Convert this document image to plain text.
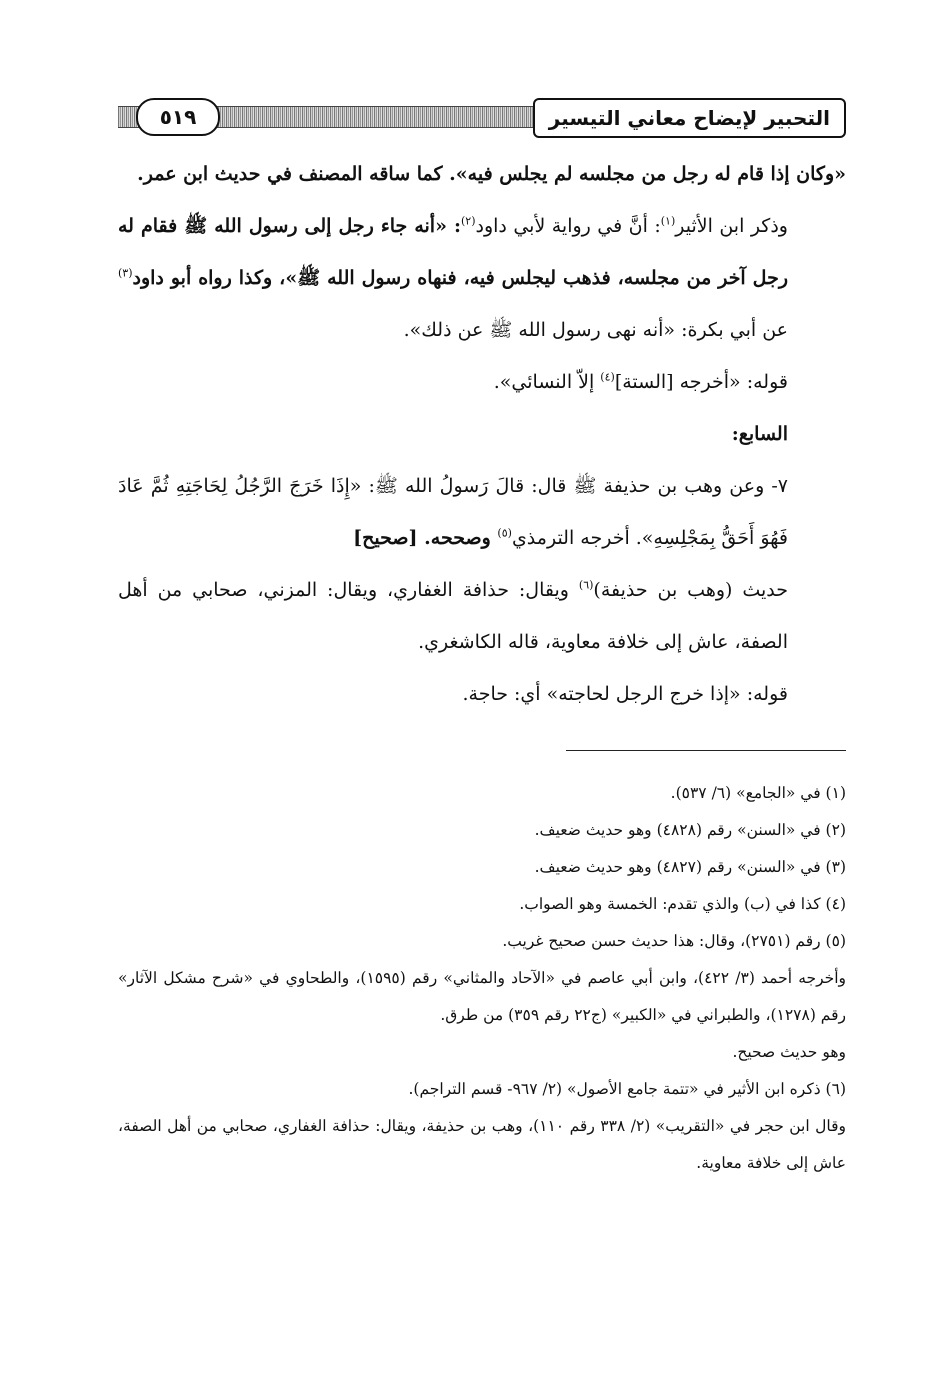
التحبير لإيضاح معاني التيسير
٥١٩

«وكان إذا قام له رجل من مجلسه لم يجلس فيه». كما ساقه المصنف في حديث ابن عمر.

وذكر ابن الأثير$^{(١)}$: أنَّ في رواية لأبي داود$^{(٢)}$: «أنه جاء رجل إلى رسول الله ﷺ فقام له رجل آخر من مجلسه، فذهب ليجلس فيه، فنهاه رسول الله ﷺ»، وكذا رواه أبو داود$^{(٣)}$ عن أبي بكرة: «أنه نهى رسول الله ﷺ عن ذلك».

قوله: «أخرجه [الستة]$^{(٤)}$ إلاّ النسائي».

السابع:

٧- وعن وهب بن حذيفة ﷺ قال: قالَ رَسولُ الله ﷺ: «إِذَا خَرَجَ الرَّجُلُ لِحَاجَتِهِ ثُمَّ عَادَ فَهُوَ أَحَقُّ بِمَجْلِسِهِ». أخرجه الترمذي$^{(٥)}$ وصححه. [صحيح]

حديث (وهب بن حذيفة)$^{(٦)}$ ويقال: حذافة الغفاري، ويقال: المزني، صحابي من أهل الصفة، عاش إلى خلافة معاوية، قاله الكاشغري.

قوله: «إذا خرج الرجل لحاجته» أي: حاجة.

(١) في «الجامع» (٦/ ٥٣٧).

(٢) في «السنن» رقم (٤٨٢٨) وهو حديث ضعيف.

(٣) في «السنن» رقم (٤٨٢٧) وهو حديث ضعيف.

(٤) كذا في (ب) والذي تقدم: الخمسة وهو الصواب.

(٥) رقم (٢٧٥١)، وقال: هذا حديث حسن صحيح غريب.

وأخرجه أحمد (٣/ ٤٢٢)، وابن أبي عاصم في «الآحاد والمثاني» رقم (١٥٩٥)، والطحاوي في «شرح مشكل الآثار» رقم (١٢٧٨)، والطبراني في «الكبير» (ج٢٢ رقم ٣٥٩) من طرق.

وهو حديث صحيح.

(٦) ذكره ابن الأثير في «تتمة جامع الأصول» (٢/ ٩٦٧- قسم التراجم).

وقال ابن حجر في «التقريب» (٢/ ٣٣٨ رقم ١١٠)، وهب بن حذيفة، ويقال: حذافة الغفاري، صحابي من أهل الصفة، عاش إلى خلافة معاوية.
